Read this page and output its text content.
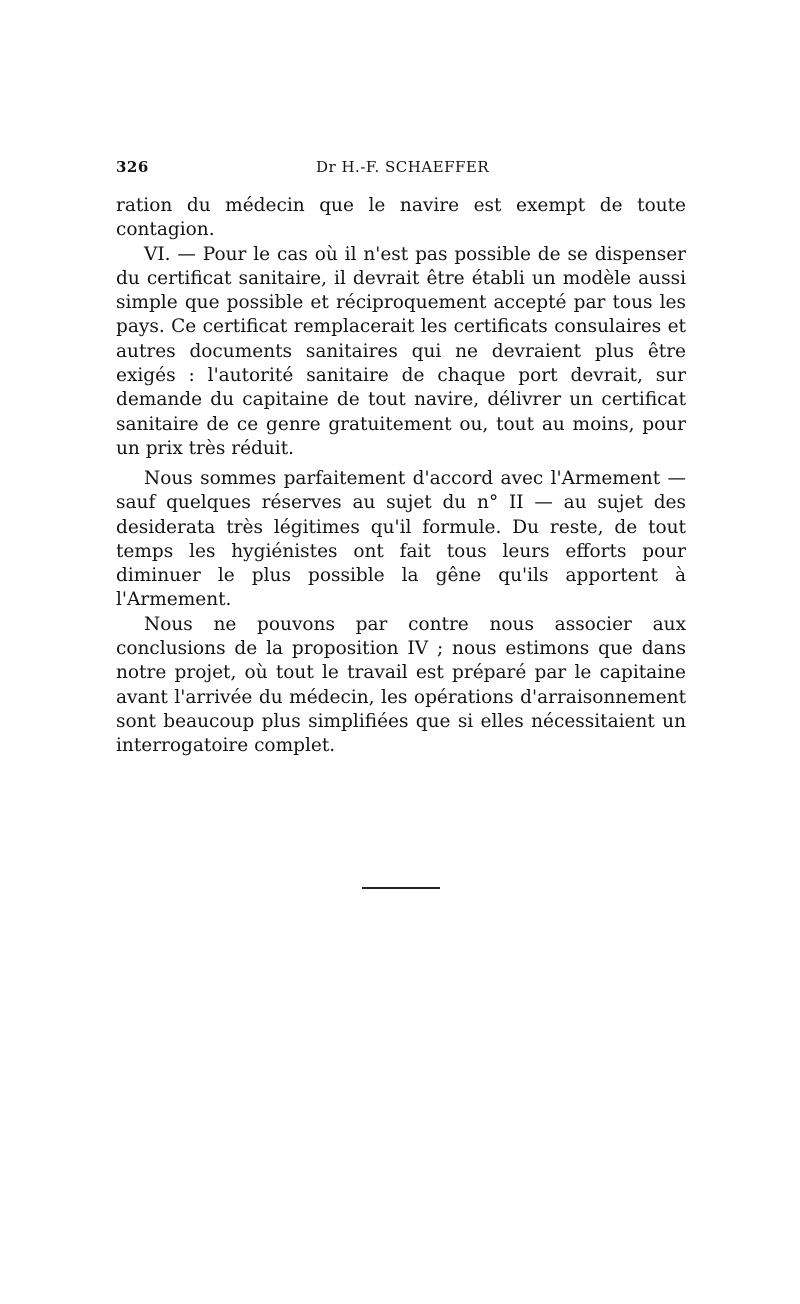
326	Dr H.-F. SCHAEFFER

ration du médecin que le navire est exempt de toute contagion.

VI. — Pour le cas où il n'est pas possible de se dispenser du certificat sanitaire, il devrait être établi un modèle aussi simple que possible et réciproquement accepté par tous les pays. Ce certificat remplacerait les certificats consulaires et autres documents sanitaires qui ne devraient plus être exigés : l'autorité sanitaire de chaque port devrait, sur demande du capitaine de tout navire, délivrer un certificat sanitaire de ce genre gratuitement ou, tout au moins, pour un prix très réduit.

Nous sommes parfaitement d'accord avec l'Armement — sauf quelques réserves au sujet du n° II — au sujet des desiderata très légitimes qu'il formule. Du reste, de tout temps les hygiénistes ont fait tous leurs efforts pour diminuer le plus possible la gêne qu'ils apportent à l'Armement.

Nous ne pouvons par contre nous associer aux conclusions de la proposition IV ; nous estimons que dans notre projet, où tout le travail est préparé par le capitaine avant l'arrivée du médecin, les opérations d'arraisonnement sont beaucoup plus simplifiées que si elles nécessitaient un interrogatoire complet.
